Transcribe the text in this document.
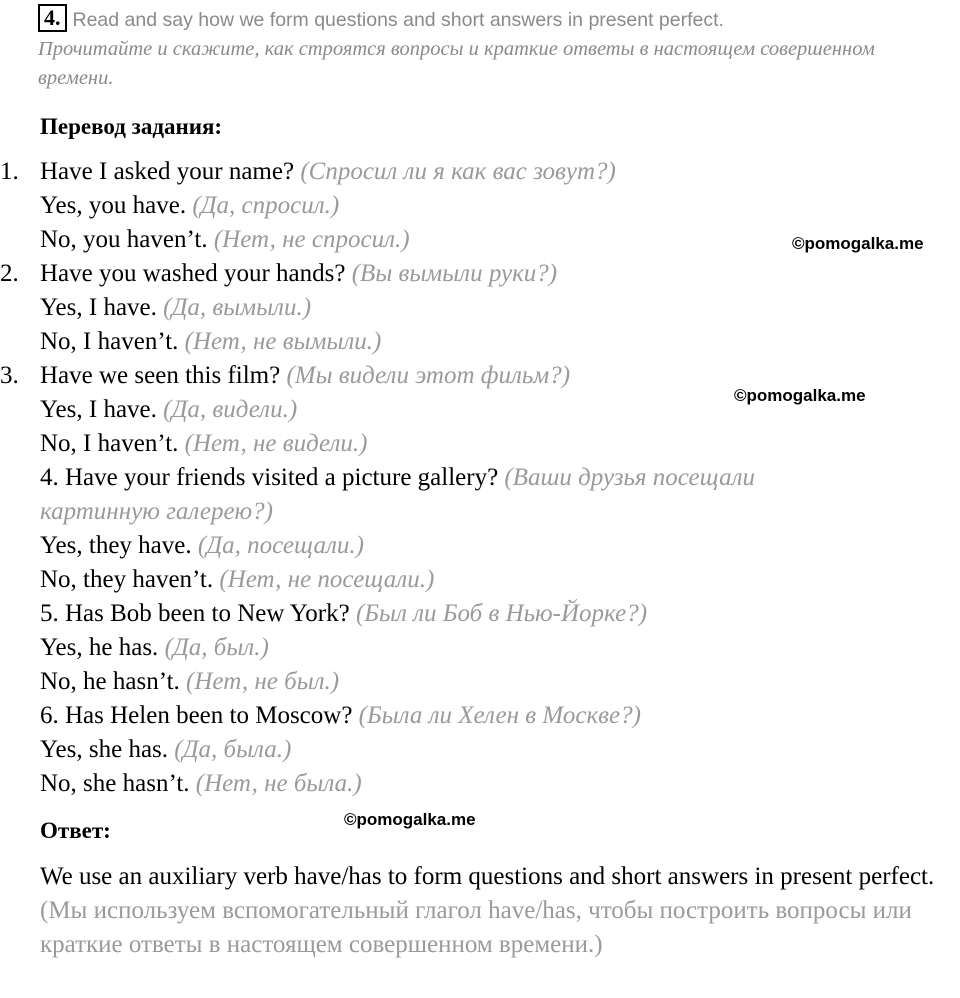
4. Read and say how we form questions and short answers in present perfect.
Прочитайте и скажите, как строятся вопросы и краткие ответы в настоящем совершенном времени.
Перевод задания:
1. Have I asked your name? (Спросил ли я как вас зовут?)
Yes, you have. (Да, спросил.)
No, you haven’t. (Нет, не спросил.)
2. Have you washed your hands? (Вы вымыли руки?)
Yes, I have. (Да, вымыли.)
No, I haven’t. (Нет, не вымыли.)
3. Have we seen this film? (Мы видели этот фильм?)
Yes, I have. (Да, видели.)
No, I haven’t. (Нет, не видели.)
4. Have your friends visited a picture gallery? (Ваши друзья посещали
картинную галерею?)
Yes, they have. (Да, посещали.)
No, they haven’t. (Нет, не посещали.)
5. Has Bob been to New York? (Был ли Боб в Нью-Йорке?)
Yes, he has. (Да, был.)
No, he hasn’t. (Нет, не был.)
6. Has Helen been to Moscow? (Была ли Хелен в Москве?)
Yes, she has. (Да, была.)
No, she hasn’t. (Нет, не была.)
Ответ:
We use an auxiliary verb have/has to form questions and short answers in present perfect. (Мы используем вспомогательный глагол have/has, чтобы построить вопросы или краткие ответы в настоящем совершенном времени.)
©pomogalka.me
©pomogalka.me
©pomogalka.me
